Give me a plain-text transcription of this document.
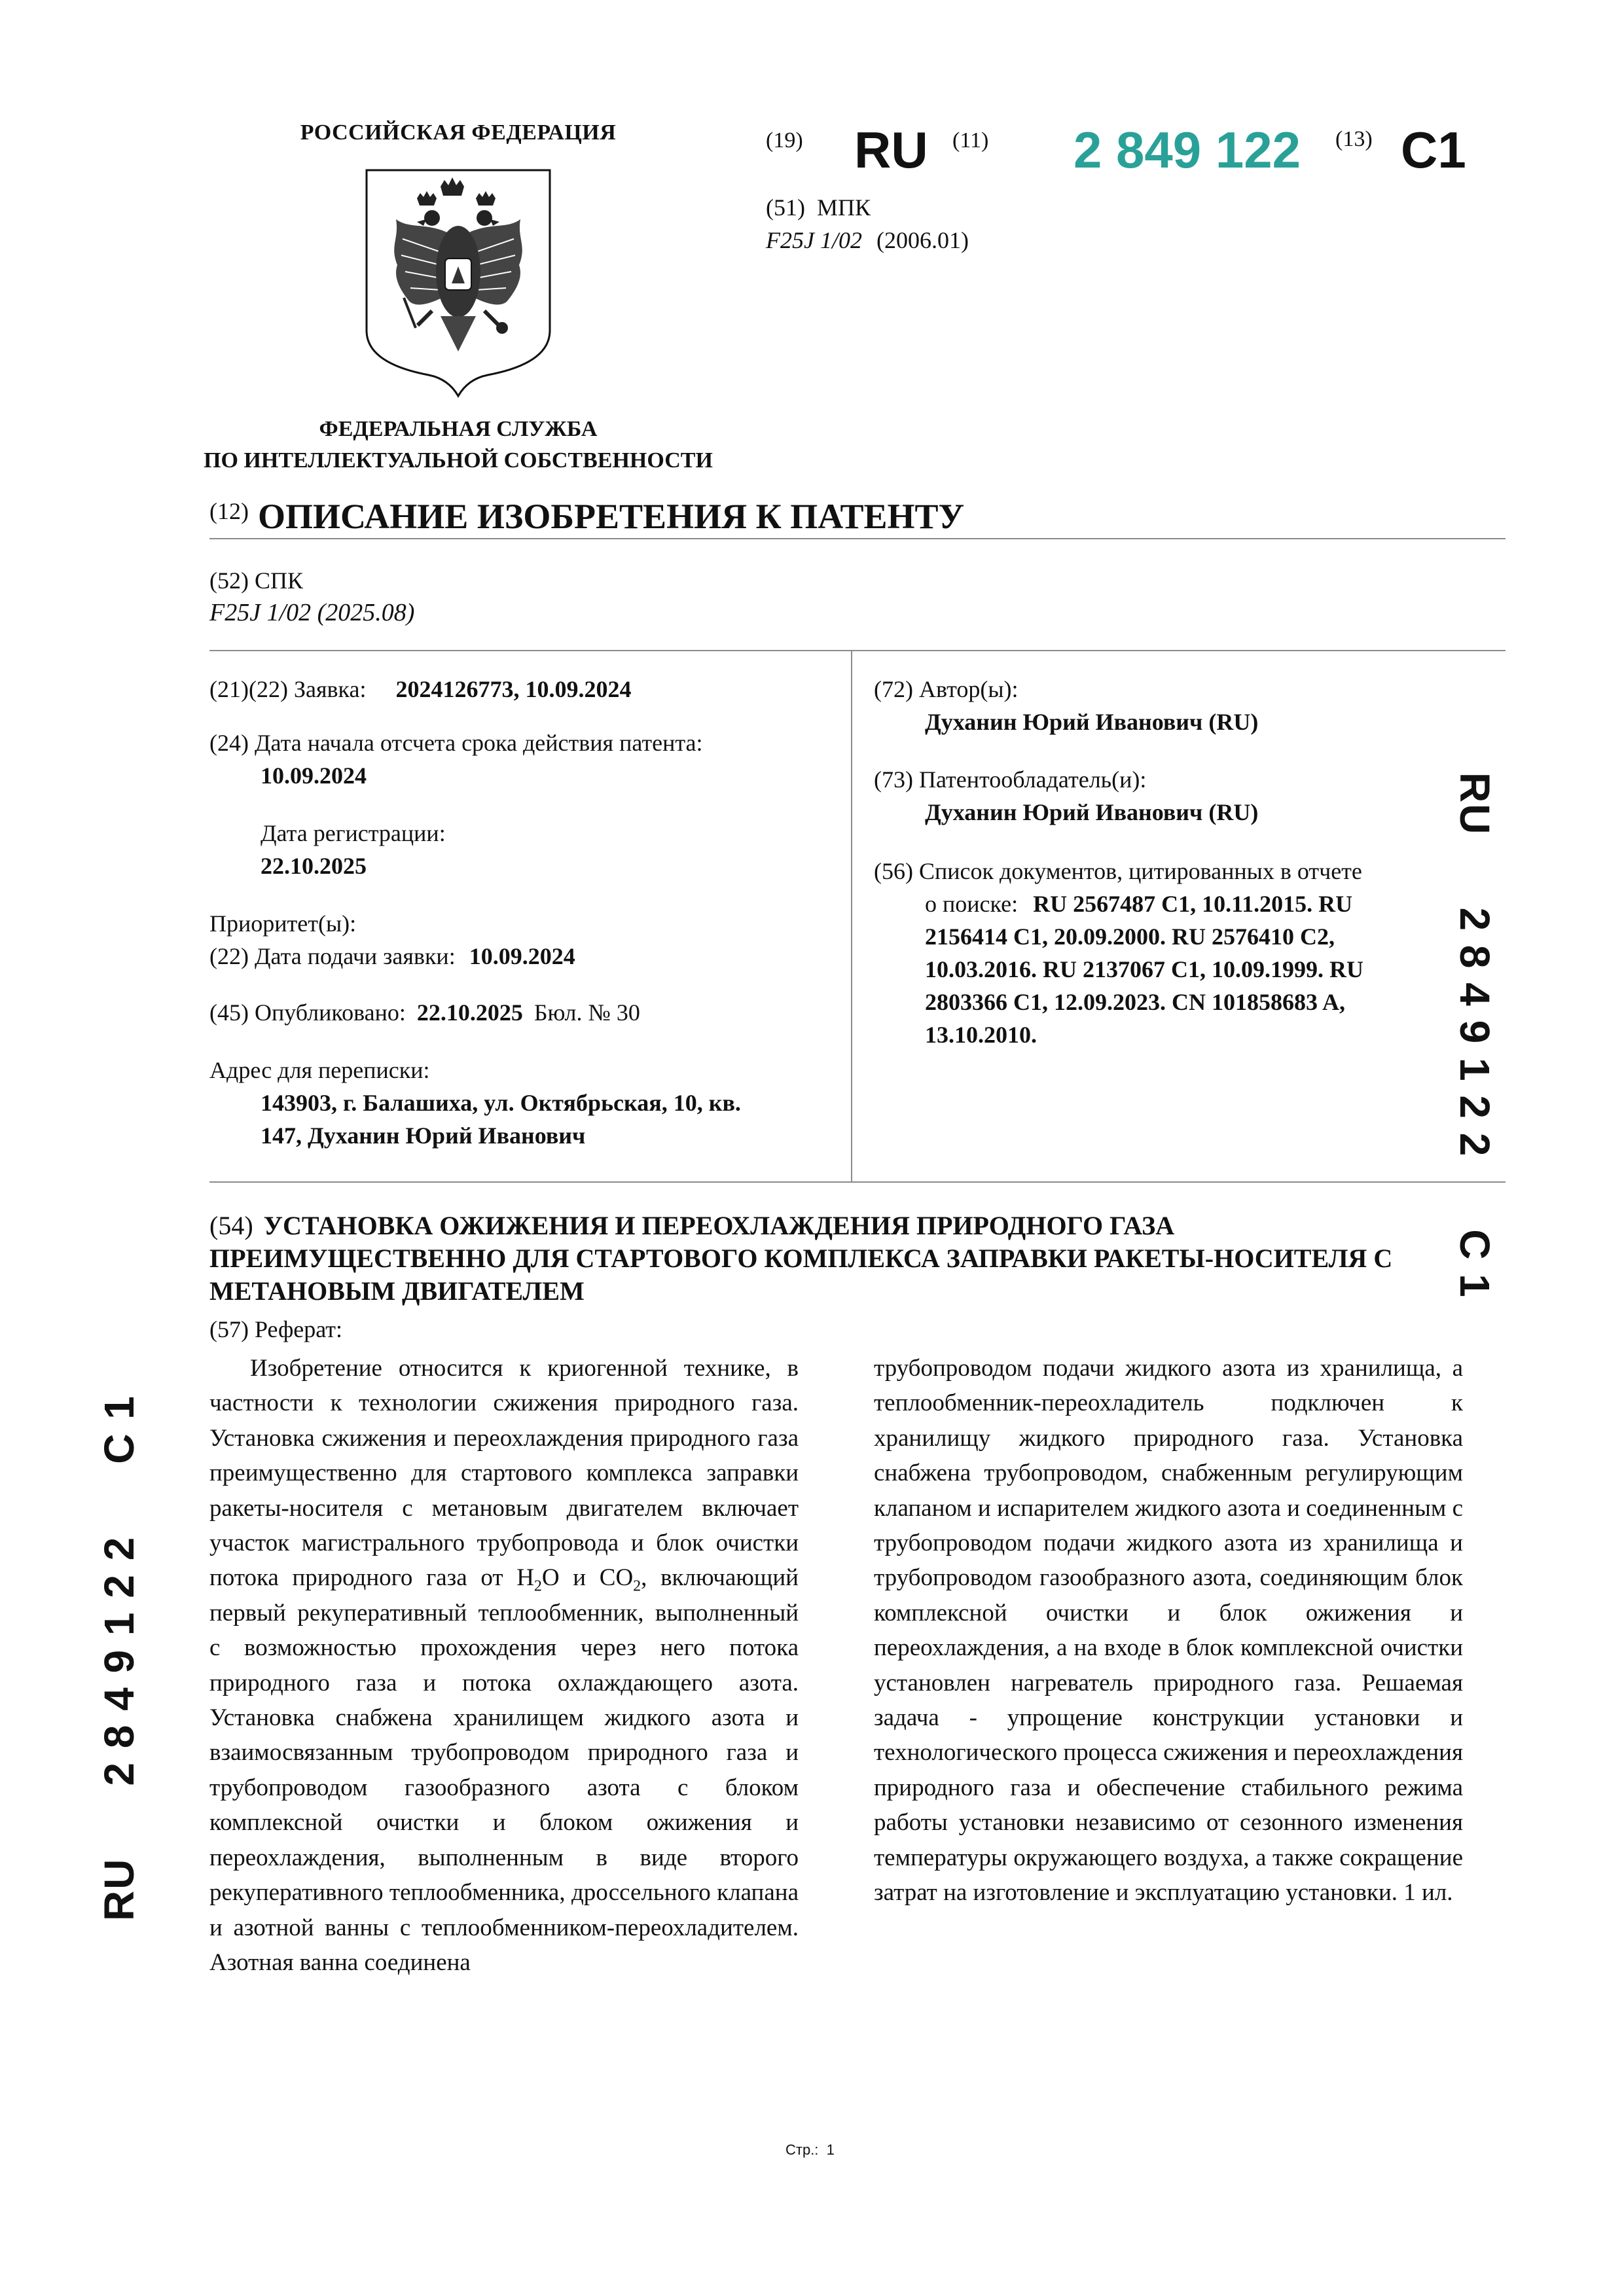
РОССИЙСКАЯ ФЕДЕРАЦИЯ
ФЕДЕРАЛЬНАЯ СЛУЖБА
ПО ИНТЕЛЛЕКТУАЛЬНОЙ СОБСТВЕННОСТИ
(19) RU (11) 2 849 122 (13) C1
(51) МПК
F25J 1/02 (2006.01)
$^{(12)}$ ОПИСАНИЕ ИЗОБРЕТЕНИЯ К ПАТЕНТУ
(52) СПК
F25J 1/02 (2025.08)
(21)(22) Заявка: 2024126773, 10.09.2024
(24) Дата начала отсчета срока действия патента:
10.09.2024
Дата регистрации:
22.10.2025
Приоритет(ы):
(22) Дата подачи заявки: 10.09.2024
(45) Опубликовано: 22.10.2025 Бюл. № 30
Адрес для переписки:
143903, г. Балашиха, ул. Октябрьская, 10, кв.
147, Духанин Юрий Иванович
(72) Автор(ы):
Духанин Юрий Иванович (RU)
(73) Патентообладатель(и):
Духанин Юрий Иванович (RU)
(56) Список документов, цитированных в отчете
о поиске: RU 2567487 C1, 10.11.2015. RU
2156414 C1, 20.09.2000. RU 2576410 C2,
10.03.2016. RU 2137067 C1, 10.09.1999. RU
2803366 C1, 12.09.2023. CN 101858683 A,
13.10.2010.
RU2 8 4 9 1 2 2C 1
RU2 8 4 9 1 2 2C 1
(54) УСТАНОВКА ОЖИЖЕНИЯ И ПЕРЕОХЛАЖДЕНИЯ ПРИРОДНОГО ГАЗА
ПРЕИМУЩЕСТВЕННО ДЛЯ СТАРТОВОГО КОМПЛЕКСА ЗАПРАВКИ РАКЕТЫ-НОСИТЕЛЯ С
МЕТАНОВЫМ ДВИГАТЕЛЕМ
(57) Реферат:

Изобретение относится к криогенной технике, в частности к технологии сжижения природного газа. Установка сжижения и переохлаждения природного газа преимущественно для стартового комплекса заправки ракеты-носителя с метановым двигателем включает участок магистрального трубопровода и блок очистки потока природного газа от $H_2O$ и $CO_2$, включающий первый рекуперативный теплообменник, выполненный с возможностью прохождения через него потока природного газа и потока охлаждающего азота. Установка снабжена хранилищем жидкого азота и взаимосвязанным трубопроводом природного газа и трубопроводом газообразного азота с блоком комплексной очистки и блоком ожижения и переохлаждения, выполненным в виде второго рекуперативного теплообменника, дроссельного клапана и азотной ванны с теплообменником-переохладителем. Азотная ванна соединена

трубопроводом подачи жидкого азота из хранилища, а теплообменник-переохладитель подключен к хранилищу жидкого природного газа. Установка снабжена трубопроводом, снабженным регулирующим клапаном и испарителем жидкого азота и соединенным с трубопроводом подачи жидкого азота из хранилища и трубопроводом газообразного азота, соединяющим блок комплексной очистки и блок ожижения и переохлаждения, а на входе в блок комплексной очистки установлен нагреватель природного газа. Решаемая задача - упрощение конструкции установки и технологического процесса сжижения и переохлаждения природного газа и обеспечение стабильного режима работы установки независимо от сезонного изменения температуры окружающего воздуха, а также сокращение затрат на изготовление и эксплуатацию установки. 1 ил.

Стр.: 1
